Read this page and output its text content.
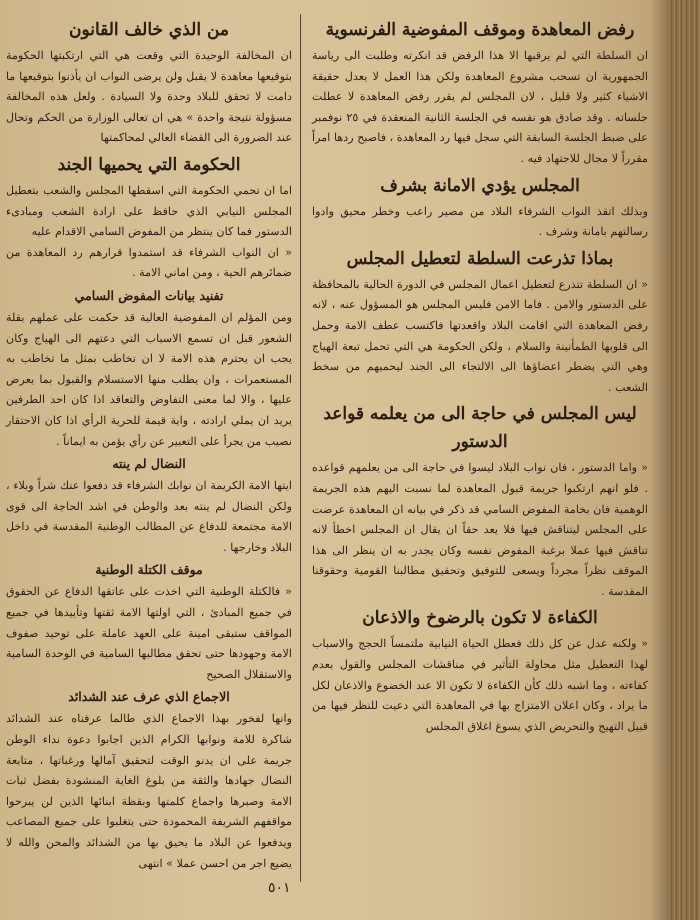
رفض المعاهدة وموقف المفوضية الفرنسوية
ان السلطة التي لم يرقبها الا هذا الرفض قد انكرته وطلبت الى رياسة الجمهورية ان تسحب مشروع المعاهدة ولكن هذا العمل لا يعدل حقيقة الاشياء كثير ولا قليل ، لان المجلس لم يقرر رفض المعاهدة لا عطلت جلساته . وقد صادق هو نفسه في الجلسة الثانية المنعقدة في ٢٥ نوفمبر على ضبط الجلسة السابقة التي سجل فيها رد المعاهدة ، فاصبح ردها امراً مقرراً لا مجال للاجتهاد فيه .
المجلس يؤدي الامانة بشرف
وبذلك اتقذ النواب الشرفاء البلاد من مصير راعب وخطر محيق وادوا رسالتهم بامانة وشرف .
بماذا تذرعت السلطة لتعطيل المجلس
« ان السلطة تتذرع لتعطيل اعمال المجلس في الدورة الحالية بالمحافظة على الدستور والامن . فاما الامن فليس المجلس هو المسؤول عنه ، لانه رفض المعاهدة التي اقامت البلاد واقعدتها فاكتسب عطف الامة وحمل الى قلوبها الطمأنينة والسلام ، ولكن الحكومة هي التي تحمل تبعة الهياج وهي التي يضطر اعضاؤها الى الالتجاء الى الجند ليحميهم من سخط الشعب .
ليس المجلس في حاجة الى من يعلمه قواعد الدستور
« واما الدستور ، فان نواب البلاد ليسوا في حاجة الى من يعلمهم قواعده . فلو انهم ارتكبوا جريمة قبول المعاهدة لما نسبت اليهم هذه الجريمة الوهمية فان بخامة المفوض السامي قد ذكر في بيانه ان المعاهدة عرضت على المجلس ليتناقش فيها فلا يعد حقاً ان يقال ان المجلس اخطأ لانه تناقش فيها عملا برغبة المفوض نفسه وكان يجدر به ان ينظر الى هذا الموقف نظراً مجرداً ويسعى للتوفيق وتحقيق مطالبنا القومية وحقوقنا المقدسة .
الكفاءة لا تكون بالرضوخ والاذعان
« ولكنه عدل عن كل ذلك فعطل الحياة النيابية ملتمساً الحجج والاسباب لهذا التعطيل مثل محاولة التأثير في مناقشات المجلس والقول بعدم كفاءته ، وما اشبه ذلك كأن الكفاءة لا تكون الا عند الخضوع والاذعان لكل ما يراد ، وكان اعلان الامتزاج بها في المعاهدة التي دعيت للنظر فيها من قبيل التهيج والتحريض الذي يسوغ اغلاق المجلس
من الذي خالف القانون
ان المخالفة الوحيدة التي وقعت هي التي ارتكبتها الحكومة بتوقيعها معاهدة لا يقبل ولن يرضى النواب ان يأذنوا بتوقيعها ما دامت لا تحقق للبلاد وحدة ولا السيادة . ولعل هذه المخالفة مسؤولة نتيجة واحدة » هي ان تعالى الوزارة من الحكم وتحال عند الضرورة الى القضاء العالي لمحاكمتها
الحكومة التي يحميها الجند
اما ان تحمي الحكومة التي اسقطها المجلس والشعب بتعطيل المجلس النيابي الذي حافظ على ارادة الشعب ومبادىء الدستور فما كان ينتظر من المفوض السامي الاقدام عليه
« ان النواب الشرفاء قد استمدوا قرارهم رد المعاهدة من ضمائرهم الحية ، ومن اماني الامة .
تفنيد بيانات المفوض السامي
ومن المؤلم ان المفوضية العالية قد حكمت على عملهم بقلة الشعور قبل ان تسمع الاسباب التي دعتهم الى الهياج وكان يجب ان يحترم هذه الامة لا ان تخاطب بمثل ما تخاطب به المستعمرات ، وان يطلب منها الاستسلام والقبول بما يعرض عليها ، والا لما معنى التفاوض والتعاقد اذا كان احد الطرفين يريد ان يملي ارادته ، واية قيمة للحرية الرأي اذا كان الاحتقار نصيب من يجرأ على التعبير عن رأي يؤمن به ايماناً .
النضال لم ينته
ايتها الامة الكريمة ان نوابك الشرفاء قد دفعوا عنك شراً وبلاء ، ولكن النضال لم ينته بعد والوطن في اشد الحاجة الى قوى الامة مجتمعة للدفاع عن المطالب الوطنية المقدسة في داخل البلاد وخارجها .
موقف الكتلة الوطنية
« فالكتلة الوطنية التي اخذت على عاتقها الدفاع عن الحقوق في جميع المبادئ ، التي اولتها الامة ثقتها وتأييدها في جميع المواقف ستبقى امينة على العهد عاملة على توحيد صفوف الامة وجهودها حتى تحقق مطالبها السامية في الوحدة السامية والاستقلال الصحيح
الاجماع الذي عرف عند الشدائد
وانها لفخور بهذا الاجماع الذي طالما عرفناه عند الشدائد شاكرة للامة ونوابها الكرام الذين اجابوا دعوة نداء الوطن جريمة على ان يدنو الوقت لتحقيق آمالها ورغباتها ، متابعة النضال جهادها والثقة من بلوغ الغاية المنشودة بفضل ثبات الامة وصبرها واجماع كلمتها وبقظة ابنائها الذين لن يبرحوا مواقفهم الشريفة المحمودة حتى يتغلبوا على جميع المصاعب ويدفعوا عن البلاد ما يحيق بها من الشدائد والمحن والله لا يضيع اجر من احسن عملا » انتهى
٥٠١
